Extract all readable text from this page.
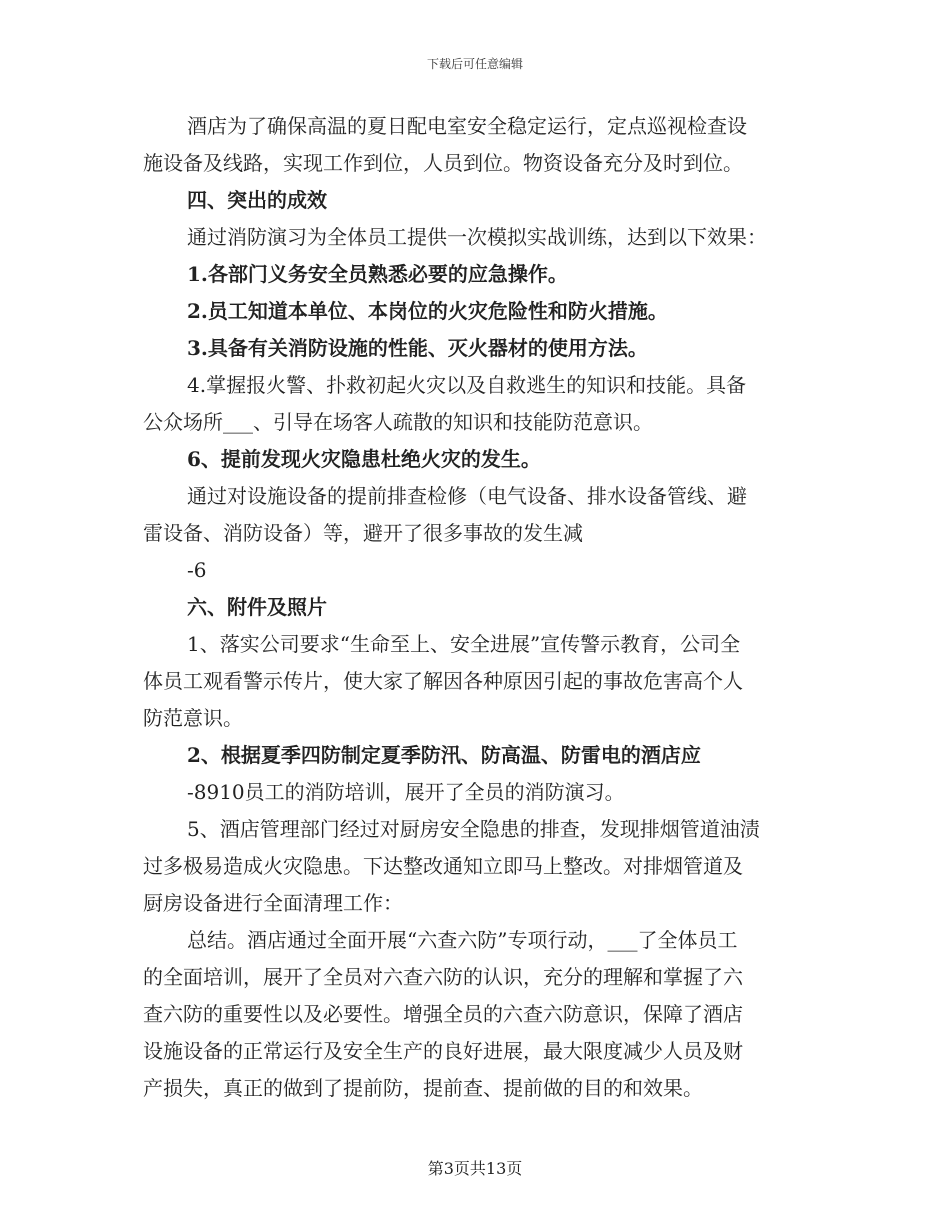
下载后可任意编辑
酒店为了确保高温的夏日配电室安全稳定运行，定点巡视检查设
施设备及线路，实现工作到位，人员到位。物资设备充分及时到位。
四、突出的成效
通过消防演习为全体员工提供一次模拟实战训练，达到以下效果：
1.各部门义务安全员熟悉必要的应急操作。
2.员工知道本单位、本岗位的火灾危险性和防火措施。
3.具备有关消防设施的性能、灭火器材的使用方法。
4.掌握报火警、扑救初起火灾以及自救逃生的知识和技能。具备
公众场所___、引导在场客人疏散的知识和技能防范意识。
6、提前发现火灾隐患杜绝火灾的发生。
通过对设施设备的提前排查检修（电气设备、排水设备管线、避
雷设备、消防设备）等，避开了很多事故的发生减
-6
六、附件及照片
1、落实公司要求“生命至上、安全进展”宣传警示教育，公司全
体员工观看警示传片，使大家了解因各种原因引起的事故危害高个人
防范意识。
2、根据夏季四防制定夏季防汛、防高温、防雷电的酒店应
-8910员工的消防培训，展开了全员的消防演习。
5、酒店管理部门经过对厨房安全隐患的排查，发现排烟管道油渍
过多极易造成火灾隐患。下达整改通知立即马上整改。对排烟管道及
厨房设备进行全面清理工作：
总结。酒店通过全面开展“六查六防”专项行动，___了全体员工
的全面培训，展开了全员对六查六防的认识，充分的理解和掌握了六
查六防的重要性以及必要性。增强全员的六查六防意识，保障了酒店
设施设备的正常运行及安全生产的良好进展，最大限度减少人员及财
产损失，真正的做到了提前防，提前查、提前做的目的和效果。
第3页共13页
